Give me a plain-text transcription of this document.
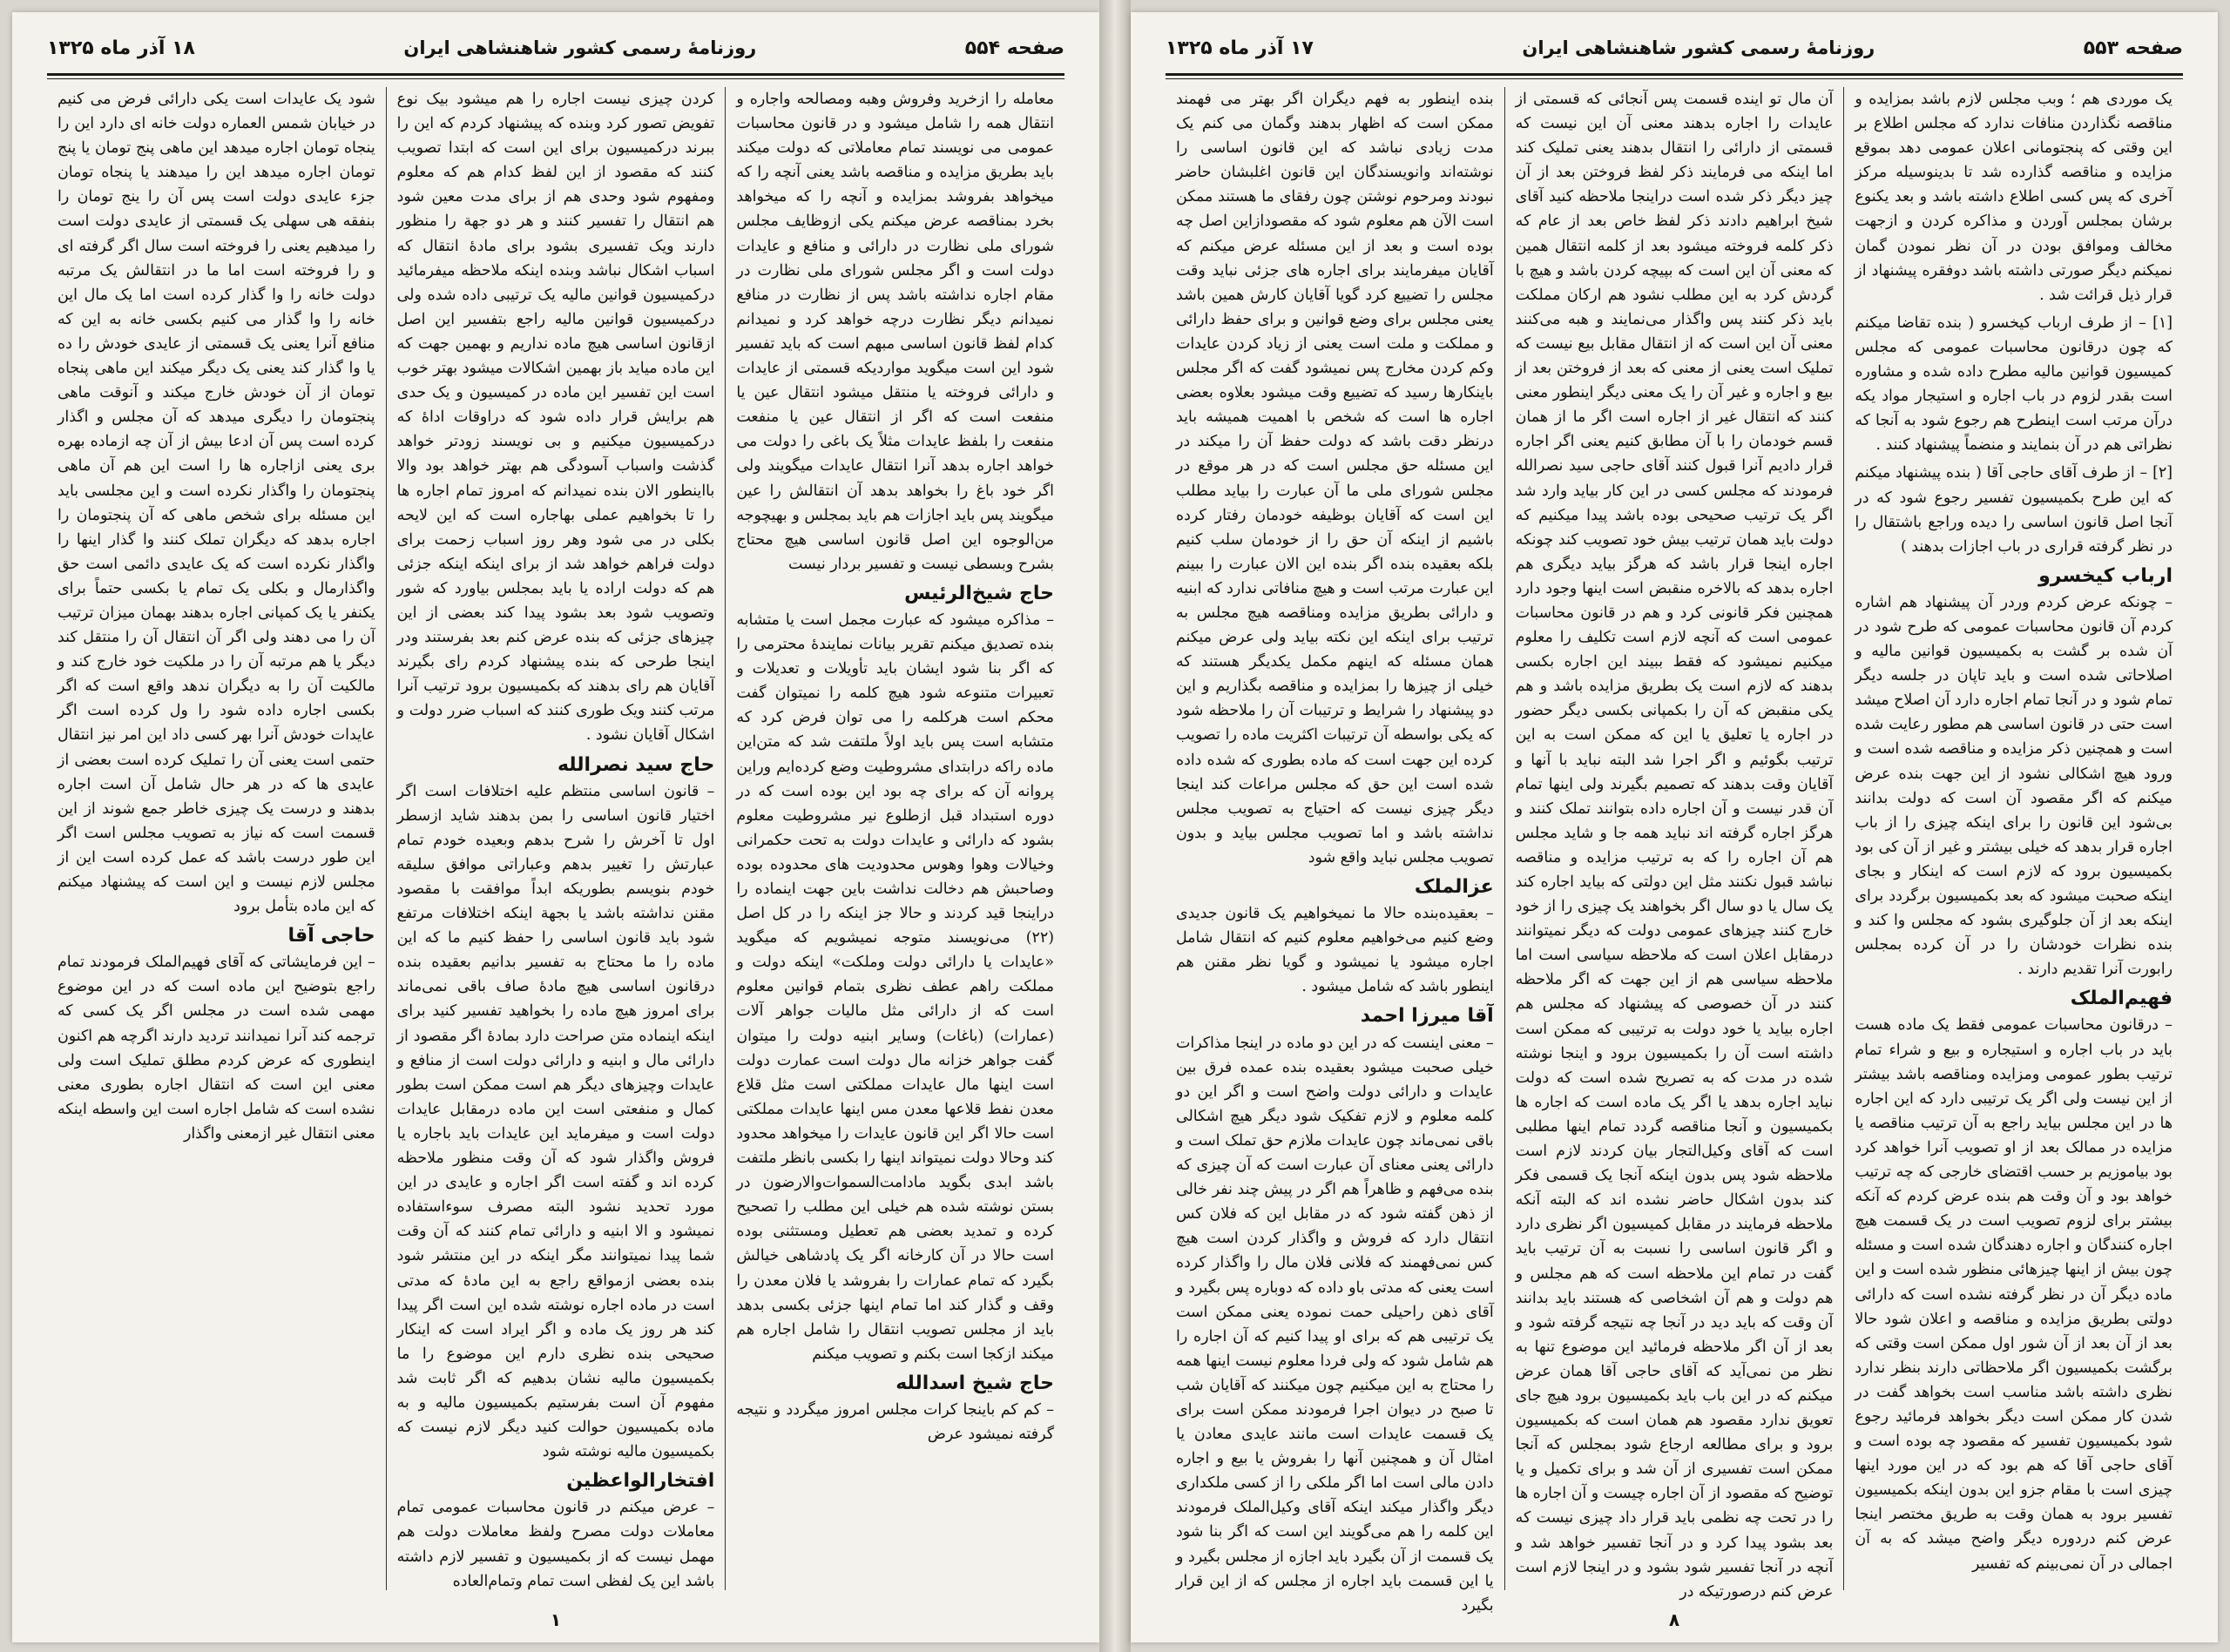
صفحه ۵۵۴
روزنامهٔ رسمی کشور شاهنشاهی ایران
۱۸ آذر ماه ۱۳۲۵

معامله را ازخرید وفروش وهبه ومصالحه واجاره و انتقال همه را شامل میشود و در قانون محاسبات عمومی می نویسند تمام معاملاتی که دولت میکند باید بطریق مزایده و مناقصه باشد یعنی آنچه را که میخواهد بفروشد بمزایده و آنچه را که میخواهد بخرد بمناقصه عرض میکنم یکی ازوظایف مجلس شورای ملی نظارت در دارائی و منافع و عایدات دولت است و اگر مجلس شورای ملی نظارت در مقام اجاره نداشته باشد پس از نظارت در منافع نمیدانم دیگر نظارت درچه خواهد کرد و نمیدانم کدام لفظ قانون اساسی مبهم است که باید تفسیر شود این است میگوید مواردیکه قسمتی از عایدات و دارائی فروخته یا منتقل میشود انتقال عین یا منفعت است که اگر از انتقال عین یا منفعت منفعت را بلفظ عایدات مثلاً یک باغی را دولت می خواهد اجاره بدهد آنرا انتقال عایدات میگویند ولی اگر خود باغ را بخواهد بدهد آن انتقالش را عین میگویند پس باید اجازات هم باید بمجلس و بهیچوجه من‌الوجوه این اصل قانون اساسی هیچ محتاج بشرح وبسطی نیست و تفسیر بردار نیست

حاج شیخ‌الرئیس

– مذاکره میشود که عبارت مجمل است یا متشابه بنده تصدیق میکنم تقریر بیانات نمایندهٔ محترمی را که اگر بنا شود ایشان باید تأویلات و تعدیلات و تعبیرات متنوعه شود هیچ کلمه را نمیتوان گفت محکم است هرکلمه را می توان فرض کرد که متشابه است پس باید اولاً ملتفت شد که متن‌این ماده راکه درابتدای مشروطیت وضع کرده‌ایم وراین پروانه آن که برای چه بود این بوده است که در دوره استبداد قبل ازطلوع نیر مشروطیت معلوم بشود که دارائی و عایدات دولت به تحت حکمرانی وخیالات وهوا وهوس محدودیت های محدوده بوده وصاحبش هم دخالت نداشت باین جهت اینماده را دراینجا قید کردند و حالا جز اینکه را در کل اصل (۲۲) می‌نویسند متوجه نمیشویم که میگوید «عایدات یا دارائی دولت وملکت» اینکه دولت و مملکت راهم عطف نظری بتمام قوانین معلوم است که از دارائی مثل مالیات جواهر آلات (عمارات) (باغات) وسایر ابنیه دولت را میتوان گفت جواهر خزانه مال دولت است عمارت دولت است اینها مال عایدات مملکتی است مثل قلاع معدن نفط قلاعها معدن مس اینها عایدات مملکتی است حالا اگر این قانون عایدات را میخواهد محدود کند وحالا دولت نمیتواند اینها را بکسی بانظر ملتفت باشد ابدی بگوید مادامت‌السموات‌والارضون در بستن نوشته شده هم خیلی این مطلب را تصحیح کرده و تمدید بعضی هم تعطیل ومستثنی بوده است حالا در آن کارخانه اگر یک پادشاهی خیالش بگیرد که تمام عمارات را بفروشد یا فلان معدن را وقف و گذار کند اما تمام اینها جزئی بکسی بدهد باید از مجلس تصویب انتقال را شامل اجاره هم میکند ازکجا است بکنم و تصویب میکنم

حاج شیخ اسدالله

– کم کم باینجا کرات مجلس امروز میگردد و نتیجه گرفته نمیشود عرض

کردن چیزی نیست اجاره را هم میشود بیک نوع تفویض تصور کرد وبنده که پیشنهاد کردم که این را ببرند درکمیسیون برای این است که ابتدا تصویب کنند که مقصود از این لفظ کدام هم که معلوم ومفهوم شود وحدی هم از برای مدت معین شود هم انتقال را تفسیر کنند و هر دو جهة را منظور دارند ویک تفسیری بشود برای مادهٔ انتقال که اسباب اشکال نباشد وبنده اینکه ملاحظه میفرمائید درکمیسیون قوانین مالیه یک ترتیبی داده شده ولی درکمیسیون قوانین مالیه راجع بتفسیر این اصل ازقانون اساسی هیچ ماده نداریم و بهمین جهت که این ماده میاید باز بهمین اشکالات میشود بهتر خوب است این تفسیر این ماده در کمیسیون و یک حدی هم برایش قرار داده شود که دراوقات اداهٔ که درکمیسیون میکنیم و بی نویسند زودتر خواهد گذشت واسباب آسودگی هم بهتر خواهد بود والا بااینطور الان بنده نمیدانم که امروز تمام اجاره ها را تا بخواهیم عملی بهاجاره است که این لایحه بکلی در می شود وهر روز اسباب زحمت برای دولت فراهم خواهد شد از برای اینکه اینکه جزئی هم که دولت اراده یا باید بمجلس بیاورد که شور وتصویب شود بعد بشود پیدا کند بعضی از این چیزهای جزئی که بنده عرض کنم بعد بفرستند ودر اینجا طرحی که بنده پیشنهاد کردم رای بگیرند آقایان هم رای بدهند که بکمیسیون برود ترتیب آنرا مرتب کنند ویک طوری کنند که اسباب ضرر دولت و اشکال آقایان نشود .

حاج سید نصرالله

– قانون اساسی منتظم علیه اختلافات است اگر اختیار قانون اساسی را بمن بدهند شاید ازسطر اول تا آخرش را شرح بدهم وبعیده خودم تمام عبارتش را تغییر بدهم وعباراتی موافق سلیقه خودم بنویسم بطوریکه ابداً موافقت با مقصود مقنن نداشته باشد یا بجهة اینکه اختلافات مرتفع شود باید قانون اساسی را حفظ کنیم ما که این ماده را ما محتاج به تفسیر بدانیم بعقیده بنده درقانون اساسی هیچ مادهٔ صاف باقی نمی‌ماند برای امروز هیچ ماده را بخواهید تفسیر کنید برای اینکه اینماده متن صراحت دارد بمادهٔ اگر مقصود از دارائی مال و ابنیه و دارائی دولت است از منافع و عایدات وچیزهای دیگر هم است ممکن است بطور کمال و منفعتی است این ماده درمقابل عایدات دولت است و میفرماید این عایدات باید باجاره یا فروش واگذار شود که آن وقت منظور ملاحظه کرده اند و گفته است اگر اجاره و عایدی در این مورد تحدید نشود البته مصرف سوءاستفاده نمیشود و الا ابنیه و دارائی تمام کنند که آن وقت شما پیدا نمیتوانند مگر اینکه در این منتشر شود بنده بعضی ازمواقع راجع به این مادهٔ که مدتی است در ماده اجاره نوشته شده این است اگر پیدا کند هر روز یک ماده و اگر ایراد است که اینکار صحیحی بنده نظری دارم این موضوع را ما بکمیسیون مالیه نشان بدهیم که اگر ثابت شد مفهوم آن است بفرستیم بکمیسیون مالیه و به ماده بکمیسیون حوالت کنید دیگر لازم نیست که بکمیسیون مالیه نوشته شود

افتخارالواعظین

– عرض میکنم در قانون محاسبات عمومی تمام معاملات دولت مصرح ولفظ معاملات دولت هم مهمل نیست که از بکمیسیون و تفسیر لازم داشته باشد این یک لفظی است تمام وتمام‌العاده

شود یک عایدات است یکی دارائی فرض می کنیم در خیابان شمس العماره دولت خانه ای دارد این را ینجاه تومان اجاره میدهد این ماهی پنج تومان یا پنج تومان اجاره میدهد این را میدهند یا پنجاه تومان جزء عایدی دولت است پس آن را ینج تومان را بنفقه هی سهلی یک قسمتی از عایدی دولت است را میدهیم یعنی را فروخته است سال اگر گرفته ای و را فروخته است اما ما در انتقالش یک مرتبه دولت خانه را وا گذار کرده است اما یک مال این خانه را وا گذار می کنیم بکسی خانه به این که منافع آنرا یعنی یک قسمتی از عایدی خودش را ده یا وا گذار کند یعنی یک دیگر میکند این ماهی پنجاه تومان از آن خودش خارج میکند و آنوقت ماهی پنجتومان را دیگری میدهد که آن مجلس و اگذار کرده است پس آن ادعا بیش از آن چه ازماده بهره بری یعنی ازاجاره ها را است این هم آن ماهی پنجتومان را واگذار نکرده است و این مجلسی باید این مسئله برای شخص ماهی که آن پنجتومان را اجاره بدهد که دیگران تملک کنند وا گذار اینها را واگذار نکرده است که یک عایدی دائمی است حق واگذارمال و بکلی یک تمام یا بکسی حتماً برای یکنفر یا یک کمپانی اجاره بدهند بهمان میزان ترتیب آن را می دهند ولی اگر آن انتقال آن را منتقل کند دیگر یا هم مرتبه آن را در ملکیت خود خارج کند و مالکیت آن را به دیگران ندهد واقع است که اگر بکسی اجاره داده شود را ول کرده است اگر عایدات خودش آنرا بهر کسی داد این امر نیز انتقال حتمی است یعنی آن را تملیک کرده است بعضی از عایدی ها که در هر حال شامل آن است اجاره بدهند و درست یک چیزی خاطر جمع شوند از این قسمت است که نیاز به تصویب مجلس است اگر این طور درست باشد که عمل کرده است این از مجلس لازم نیست و این است که پیشنهاد میکنم که این ماده بتأمل برود

حاجی آقا

– این فرمایشاتی که آقای فهیم‌الملک فرمودند تمام راجع بتوضیح این ماده است که در این موضوع مهمی شده است در مجلس اگر یک کسی که ترجمه کند آنرا نمیدانند تردید دارند اگرچه هم اکنون اینطوری که عرض کردم مطلق تملیک است ولی معنی این است که انتقال اجاره بطوری معنی نشده است که شامل اجاره است این واسطه اینکه معنی انتقال غیر ازمعنی واگذار

۱
صفحه ۵۵۳
روزنامهٔ رسمی کشور شاهنشاهی ایران
۱۷ آذر ماه ۱۳۲۵

یک موردی هم ؛ وبب مجلس لازم باشد بمزایده و مناقصه نگذاردن منافات ندارد که مجلس اطلاع بر این وقتی که پنجتومانی اعلان عمومی دهد بموقع مزایده و مناقصه گذارده شد تا بدینوسیله مرکز آخری که پس کسی اطلاع داشته باشد و بعد یکنوع برشان بمجلس آوردن و مذاکره کردن و ازجهت مخالف وموافق بودن در آن نظر نمودن گمان نمیکنم دیگر صورتی داشته باشد دوفقره پیشنهاد از قرار ذیل قرائت شد .

[۱] – از طرف ارباب کیخسرو ( بنده تقاضا میکنم که چون درقانون محاسبات عمومی که مجلس کمیسیون قوانین مالیه مطرح داده شده و مشاوره است بقدر لزوم در باب اجاره و استیجار مواد یکه درآن مرتب است اینطرح هم رجوع شود به آنجا که نظراتی هم در آن بنمایند و منضماً پیشنهاد کنند .

[۲] – از طرف آقای حاجی آقا ( بنده پیشنهاد میکنم که این طرح بکمیسیون تفسیر رجوع شود که در آنجا اصل قانون اساسی را دیده وراجع باشتقال را در نظر گرفته قراری در باب اجازات بدهند )

ارباب کیخسرو

– چونکه عرض کردم وردر آن پیشنهاد هم اشاره کردم آن قانون محاسبات عمومی که طرح شود در آن شده بر گشت به بکمیسیون قوانین مالیه و اصلاحاتی شده است و باید تاپان در جلسه دیگر تمام شود و در آنجا تمام اجاره دارد آن اصلاح میشد است حتی در قانون اساسی هم مطور رعایت شده است و همچنین ذکر مزایده و مناقصه شده است و ورود هیچ اشکالی نشود از این جهت بنده عرض میکنم که اگر مقصود آن است که دولت بدانند بی‌شود این قانون را برای اینکه چیزی را از باب اجاره قرار بدهد که خیلی بیشتر و غیر از آن کی بود بکمیسیون برود که لازم است که اینکار و بجای اینکه صحبت میشود که بعد بکمیسیون برگردد برای اینکه بعد از آن جلوگیری بشود که مجلس وا کند و بنده نظرات خودشان را در آن کرده بمجلس رابورت آنرا تقدیم دارند .

فهیم‌الملک

– درقانون محاسبات عمومی فقط یک ماده هست باید در باب اجاره و استیجاره و بیع و شراء تمام ترتیب بطور عمومی ومزایده ومناقصه باشد بیشتر از این نیست ولی اگر یک ترتیبی دارد که این اجاره ها در این مجلس بیاید راجع به آن ترتیب مناقصه یا مزایده در ممالک بعد از او تصویب آنرا خواهد کرد بود بیاموزیم بر حسب اقتضای خارجی که چه ترتیب خواهد بود و آن وقت هم بنده عرض کردم که آنکه بیشتر برای لزوم تصویب است در یک قسمت هیچ اجاره کنندگان و اجاره دهندگان شده است و مسئله چون بیش از اینها چیزهائی منظور شده است و این ماده دیگر آن در نظر گرفته نشده است که دارائی دولتی بطریق مزایده و مناقصه و اعلان شود حالا بعد از آن بعد از آن شور اول ممکن است وقتی که برگشت بکمیسیون اگر ملاحظاتی دارند بنظر ندارد نظری داشته باشد مناسب است بخواهد گفت در شدن کار ممکن است دیگر بخواهد فرمائید رجوع شود بکمیسیون تفسیر که مقصود چه بوده است و آقای حاجی آقا که هم بود که در این مورد اینها چیزی است با مقام جزو این بدون اینکه بکمیسیون تفسیر برود به همان وقت به طریق مختصر اینجا عرض کنم دردوره دیگر واضح میشد که به آن اجمالی در آن نمی‌بینم که تفسیر

آن مال تو اینده قسمت پس آنجائی که قسمتی از عایدات را اجاره بدهند معنی آن این نیست که قسمتی از دارائی را انتقال بدهند یعنی تملیک کند اما اینکه می فرمایند ذکر لفظ فروختن بعد از آن چیز دیگر ذکر شده است دراینجا ملاحظه کنید آقای شیخ ابراهیم دادند ذکر لفظ خاص بعد از عام که ذکر کلمه فروخته میشود بعد از کلمه انتقال همین که معنی آن این است که بپیچه کردن باشد و هیچ با گردش کرد به این مطلب نشود هم ارکان مملکت باید ذکر کنند پس واگذار می‌نمایند و هبه می‌کنند معنی آن این است که از انتقال مقابل بیع نیست که تملیک است یعنی از معنی که بعد از فروختن بعد از بیع و اجاره و غیر آن را یک معنی دیگر اینطور معنی کنند که انتقال غیر از اجاره است اگر ما از همان قسم خودمان را با آن مطابق کنیم یعنی اگر اجاره قرار دادیم آنرا قبول کنند آقای حاجی سید نصرالله فرمودند که مجلس کسی در این کار بیاید وارد شد اگر یک ترتیب صحیحی بوده باشد پیدا میکنیم که دولت باید همان ترتیب بیش خود تصویب کند چونکه اجاره اینجا قرار باشد که هرگز بیاید دیگری هم اجاره بدهد که بالاخره منقبض است اینها وجود دارد همچنین فکر قانونی کرد و هم در قانون محاسبات عمومی است که آنچه لازم است تکلیف را معلوم میکنیم نمیشود که فقط ببیند این اجاره بکسی بدهند که لازم است یک بطریق مزایده باشد و هم یکی منقبض که آن را بکمپانی بکسی دیگر حضور در اجاره یا تعلیق یا این که ممکن است به این ترتیب بگوئیم و اگر اجرا شد البته نباید با آنها و آقایان وقت بدهند که تصمیم بگیرند ولی اینها تمام آن قدر نیست و آن اجاره داده بتوانند تملک کنند و هرگز اجاره گرفته اند نباید همه جا و شاید مجلس هم آن اجاره را که به ترتیب مزایده و مناقصه نباشد قبول نکنند مثل این دولتی که بیاید اجاره کند یک سال یا دو سال اگر بخواهند یک چیزی را از خود خارج کنند چیزهای عمومی دولت که دیگر نمیتوانند درمقابل اعلان است که ملاحظه سیاسی است اما ملاحظه سیاسی هم از این جهت که اگر ملاحظه کنند در آن خصوصی که پیشنهاد که مجلس هم اجاره بیاید یا خود دولت به ترتیبی که ممکن است داشته است آن را بکمیسیون برود و اینجا نوشته شده در مدت که به تصریح شده است که دولت نباید اجاره بدهد یا اگر یک ماده است که اجاره ها بکمیسیون و آنجا مناقصه گردد تمام اینها مطلبی است که آقای وکیل‌التجار بیان کردند لازم است ملاحظه شود پس بدون اینکه آنجا یک قسمی فکر کند بدون اشکال حاضر نشده اند که البته آنکه ملاحظه فرمایند در مقابل کمیسیون اگر نظری دارد و اگر قانون اساسی را نسبت به آن ترتیب باید گفت در تمام این ملاحظه است که هم مجلس و هم دولت و هم آن اشخاصی که هستند باید بدانند آن وقت که باید دید در آنجا چه نتیجه گرفته شود و بعد از آن اگر ملاحظه فرمائید این موضوع تنها به نظر من نمی‌آید که آقای حاجی آقا همان عرض میکنم که در این باب باید بکمیسیون برود هیچ جای تعویق ندارد مقصود هم همان است که بکمیسیون برود و برای مطالعه ارجاع شود بمجلس که آنجا ممکن است تفسیری از آن شد و برای تکمیل و یا توضیح که مقصود از آن اجاره چیست و آن اجاره ها را در تحت چه نظمی باید قرار داد چیزی نیست که بعد بشود پیدا کرد و در آنجا تفسیر خواهد شد و آنچه در آنجا تفسیر شود بشود و در اینجا لازم است عرض کنم درصورتیکه در

بنده اینطور به فهم دیگران اگر بهتر می فهمند ممکن است که اظهار بدهند وگمان می کنم یک مدت زیادی نباشد که این قانون اساسی را نوشته‌اند وانویسندگان این قانون اغلبشان حاضر نبودند ومرحوم نوشتن چون رفقای ما هستند ممکن است الآن هم معلوم شود که مقصودازاین اصل چه بوده است و بعد از این مسئله عرض میکنم که آقایان میفرمایند برای اجاره های جزئی نباید وقت مجلس را تضییع کرد گویا آقایان کارش همین باشد یعنی مجلس برای وضع قوانین و برای حفظ دارائی و مملکت و ملت است یعنی از زیاد کردن عایدات وکم کردن مخارج پس نمیشود گفت که اگر مجلس باینکارها رسید که تضییع وقت میشود بعلاوه بعضی اجاره ها است که شخص با اهمیت همیشه باید درنظر دقت باشد که دولت حفظ آن را میکند در این مسئله حق مجلس است که در هر موقع در مجلس شورای ملی ما آن عبارت را بیاید مطلب این است که آقایان بوظیفه خودمان رفتار کرده باشیم از اینکه آن حق را از خودمان سلب کنیم بلکه بعقیده بنده اگر بنده این الان عبارت را ببینم این عبارت مرتب است و هیچ منافاتی ندارد که ابنیه و دارائی بطریق مزایده ومناقصه هیچ مجلس به ترتیب برای اینکه این نکته بیاید ولی عرض میکنم همان مسئله که اینهم مکمل یکدیگر هستند که خیلی از چیزها را بمزایده و مناقصه بگذاریم و این دو پیشنهاد را شرایط و ترتیبات آن را ملاحظه شود که یکی بواسطه آن ترتیبات اکثریت ماده را تصویب کرده این جهت است که ماده بطوری که شده داده شده است این حق که مجلس مراعات کند اینجا دیگر چیزی نیست که احتیاج به تصویب مجلس نداشته باشد و اما تصویب مجلس بیاید و بدون تصویب مجلس نباید واقع شود

عزالملک

– بعقیده‌بنده حالا ما نمیخواهیم یک قانون جدیدی وضع کنیم می‌خواهیم معلوم کنیم که انتقال شامل اجاره میشود یا نمیشود و گویا نظر مقنن هم اینطور باشد که شامل میشود .

آقا میرزا احمد

– معنی اینست که در این دو ماده در اینجا مذاکرات خیلی صحبت میشود بعقیده بنده عمده فرق بین عایدات و دارائی دولت واضح است و اگر این دو کلمه معلوم و لازم تفکیک شود دیگر هیچ اشکالی باقی نمی‌ماند چون عایدات ملازم حق تملک است و دارائی یعنی معنای آن عبارت است که آن چیزی که بنده می‌فهم و ظاهراً هم اگر در پیش چند نفر خالی از ذهن گفته شود که در مقابل این که فلان کس انتقال دارد که فروش و واگذار کردن است هیچ کس نمی‌فهمند که فلانی فلان مال را واگذار کرده است یعنی که مدتی باو داده که دوباره پس بگیرد و آقای ذهن راحیلی حمت نموده یعنی ممکن است یک ترتیبی هم که برای او پیدا کنیم که آن اجاره را هم شامل شود که ولی فردا معلوم نیست اینها همه را محتاج به این میکنیم چون میکنند که آقایان شب تا صبح در دیوان اجرا فرمودند ممکن است برای یک قسمت عایدات است مانند عایدی معادن یا امثال آن و همچنین آنها را بفروش یا بیع و اجاره دادن مالی است اما اگر ملکی را از کسی ملکداری دیگر واگذار میکند اینکه آقای وکیل‌الملک فرمودند این کلمه را هم می‌گویند این است که اگر بنا شود یک قسمت از آن بگیرد باید اجازه از مجلس بگیرد و یا این قسمت باید اجاره از مجلس که از این قرار بگیرد

۸
